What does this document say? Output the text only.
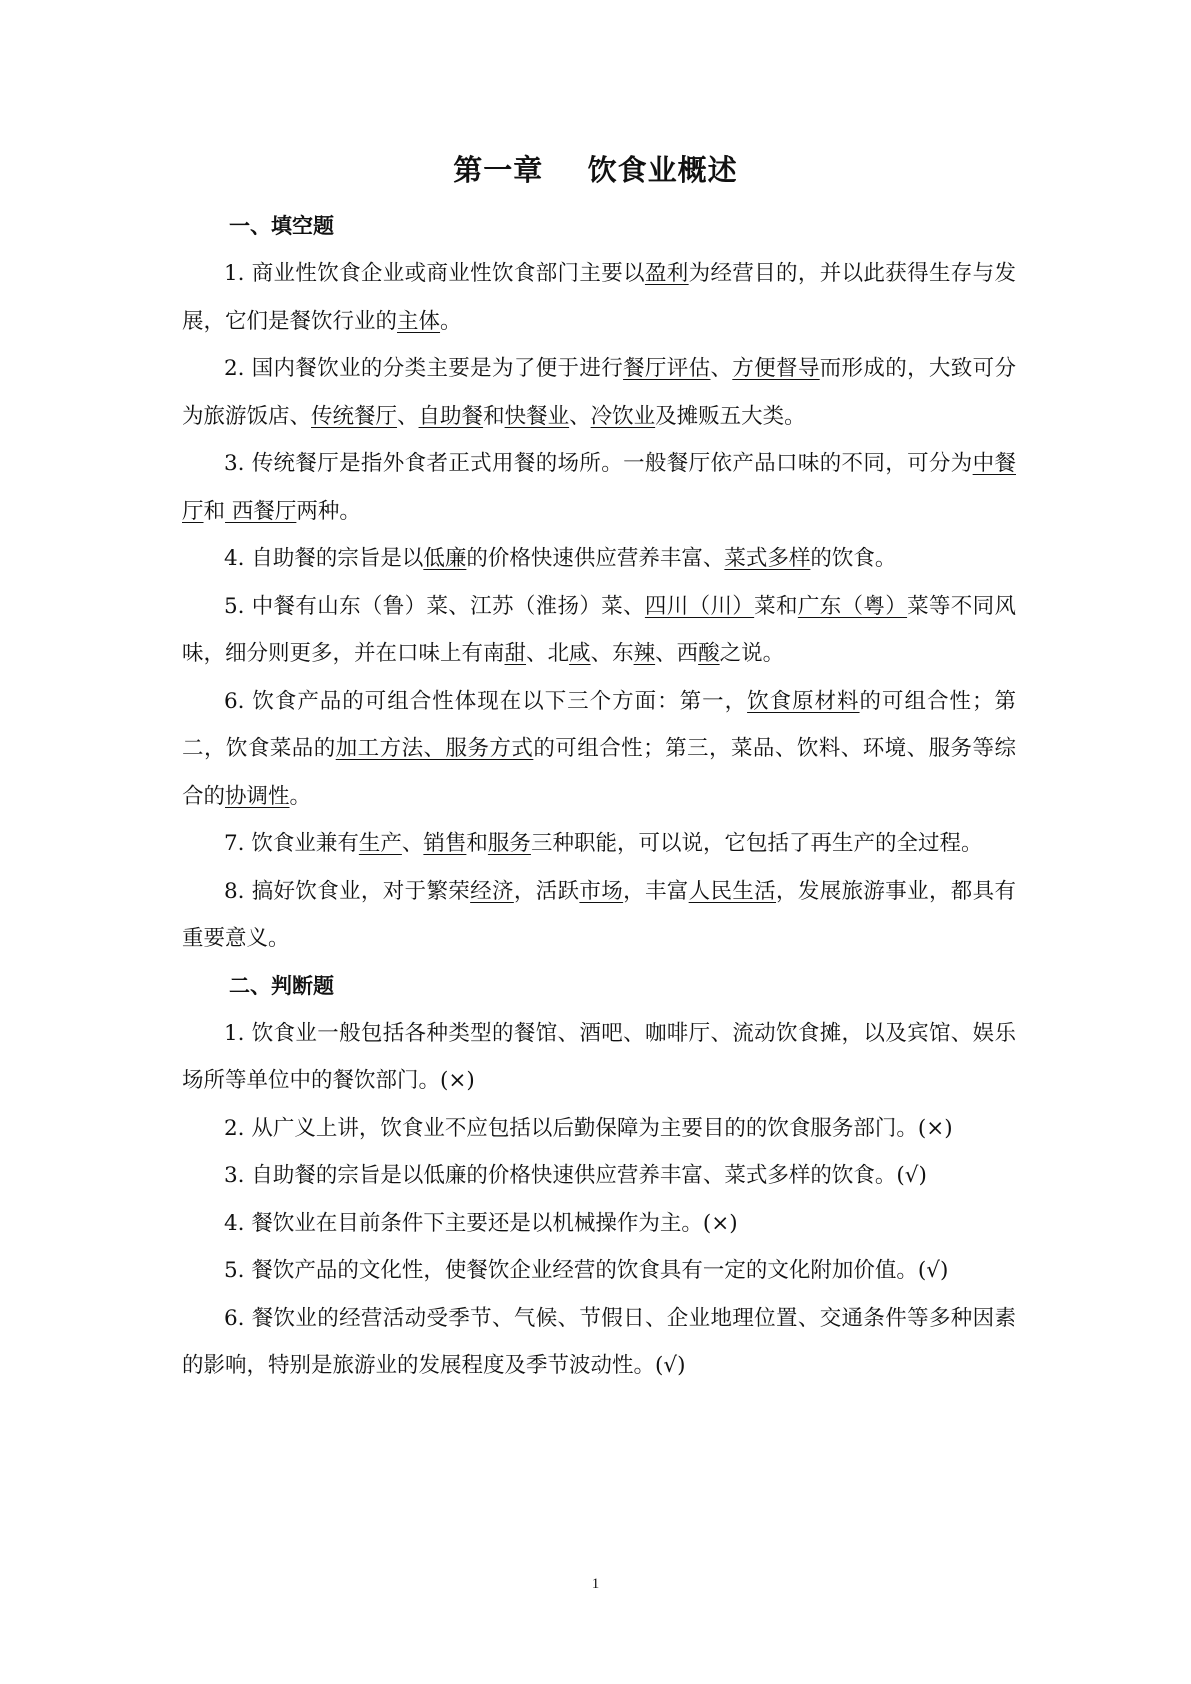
第一章    饮食业概述
一、填空题

1. 商业性饮食企业或商业性饮食部门主要以盈利为经营目的，并以此获得生存与发展，它们是餐饮行业的主体。

2. 国内餐饮业的分类主要是为了便于进行餐厅评估、方便督导而形成的，大致可分为旅游饭店、传统餐厅、自助餐和快餐业、冷饮业及摊贩五大类。

3. 传统餐厅是指外食者正式用餐的场所。一般餐厅依产品口味的不同，可分为中餐厅和 西餐厅两种。

4. 自助餐的宗旨是以低廉的价格快速供应营养丰富、菜式多样的饮食。

5. 中餐有山东（鲁）菜、江苏（淮扬）菜、四川（川）菜和广东（粤）菜等不同风味，细分则更多，并在口味上有南甜、北咸、东辣、西酸之说。

6. 饮食产品的可组合性体现在以下三个方面：第一，饮食原材料的可组合性；第二，饮食菜品的加工方法、服务方式的可组合性；第三，菜品、饮料、环境、服务等综合的协调性。

7. 饮食业兼有生产、销售和服务三种职能，可以说，它包括了再生产的全过程。

8. 搞好饮食业，对于繁荣经济，活跃市场，丰富人民生活，发展旅游事业，都具有重要意义。

二、判断题

1. 饮食业一般包括各种类型的餐馆、酒吧、咖啡厅、流动饮食摊，以及宾馆、娱乐场所等单位中的餐饮部门。(×)

2. 从广义上讲，饮食业不应包括以后勤保障为主要目的的饮食服务部门。(×)

3. 自助餐的宗旨是以低廉的价格快速供应营养丰富、菜式多样的饮食。(√)

4. 餐饮业在目前条件下主要还是以机械操作为主。(×)

5. 餐饮产品的文化性，使餐饮企业经营的饮食具有一定的文化附加价值。(√)

6. 餐饮业的经营活动受季节、气候、节假日、企业地理位置、交通条件等多种因素的影响，特别是旅游业的发展程度及季节波动性。(√)

1
